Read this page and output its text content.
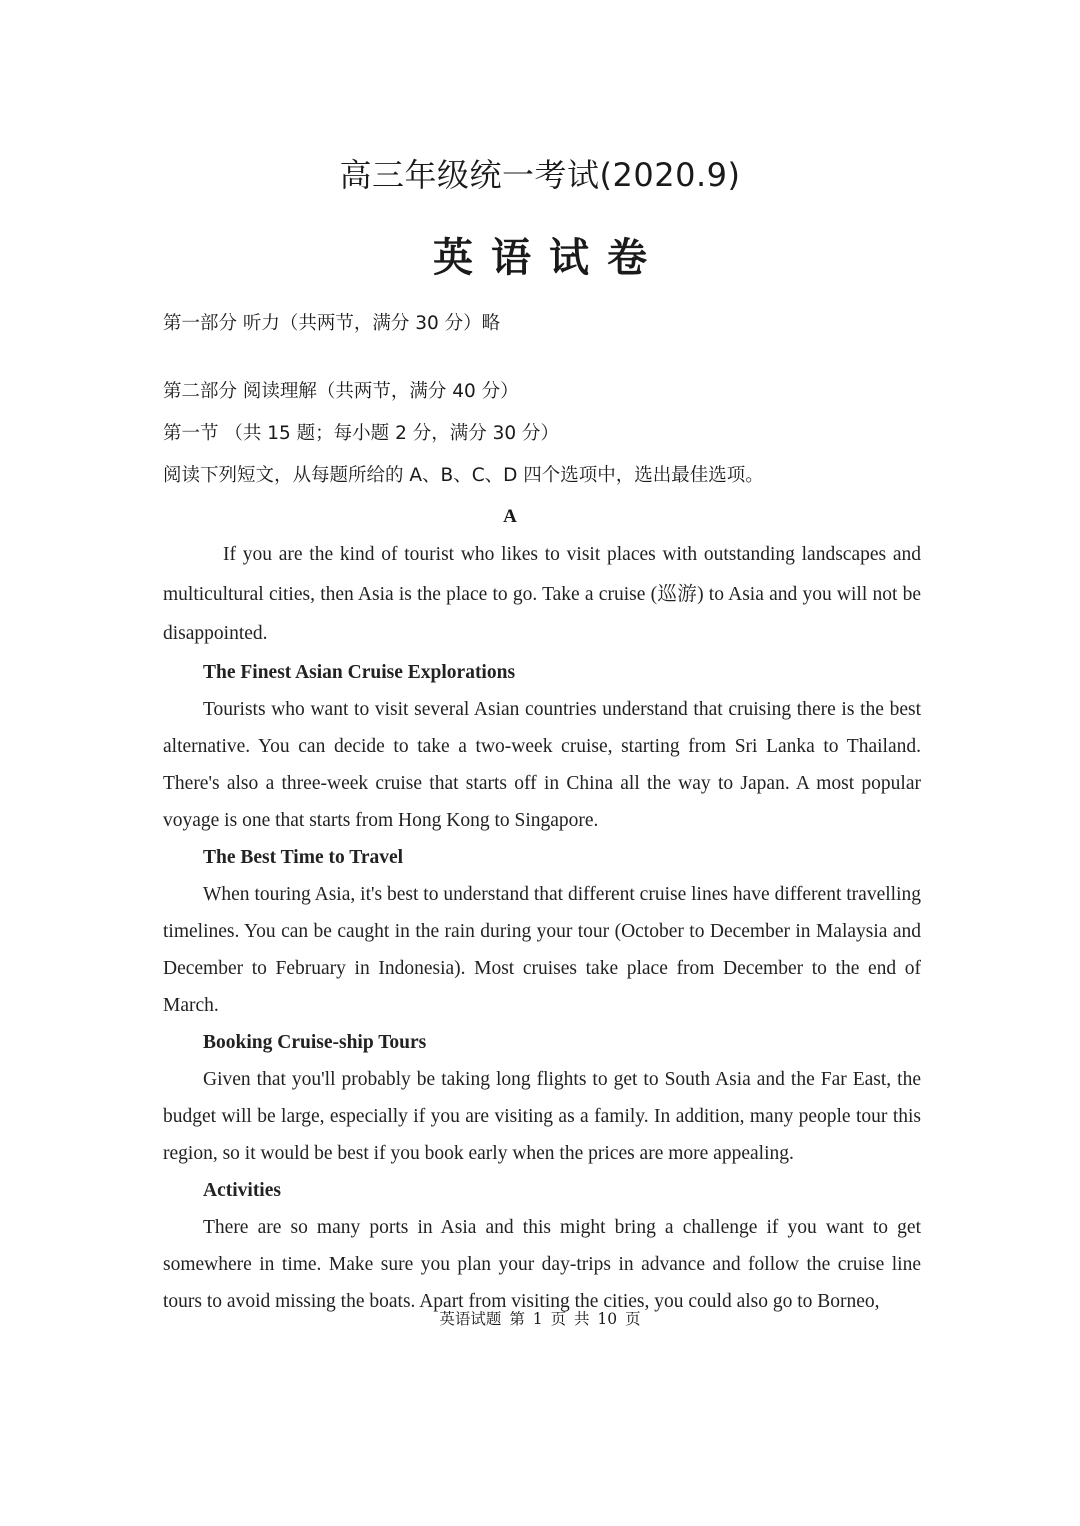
高三年级统一考试(2020.9)
英语试卷
第一部分 听力（共两节，满分 30 分）略
第二部分 阅读理解（共两节，满分 40 分）
第一节 （共 15 题；每小题 2 分，满分 30 分）
阅读下列短文，从每题所给的 A、B、C、D 四个选项中，选出最佳选项。
A

If you are the kind of tourist who likes to visit places with outstanding landscapes and multicultural cities, then Asia is the place to go. Take a cruise (巡游) to Asia and you will not be disappointed.

The Finest Asian Cruise Explorations

Tourists who want to visit several Asian countries understand that cruising there is the best alternative. You can decide to take a two-week cruise, starting from Sri Lanka to Thailand. There's also a three-week cruise that starts off in China all the way to Japan. A most popular voyage is one that starts from Hong Kong to Singapore.

The Best Time to Travel

When touring Asia, it's best to understand that different cruise lines have different travelling timelines. You can be caught in the rain during your tour (October to December in Malaysia and December to February in Indonesia). Most cruises take place from December to the end of March.

Booking Cruise-ship Tours

Given that you'll probably be taking long flights to get to South Asia and the Far East, the budget will be large, especially if you are visiting as a family. In addition, many people tour this region, so it would be best if you book early when the prices are more appealing.

Activities

There are so many ports in Asia and this might bring a challenge if you want to get somewhere in time. Make sure you plan your day-trips in advance and follow the cruise line tours to avoid missing the boats. Apart from visiting the cities, you could also go to Borneo,

英语试题 第 1 页 共 10 页
